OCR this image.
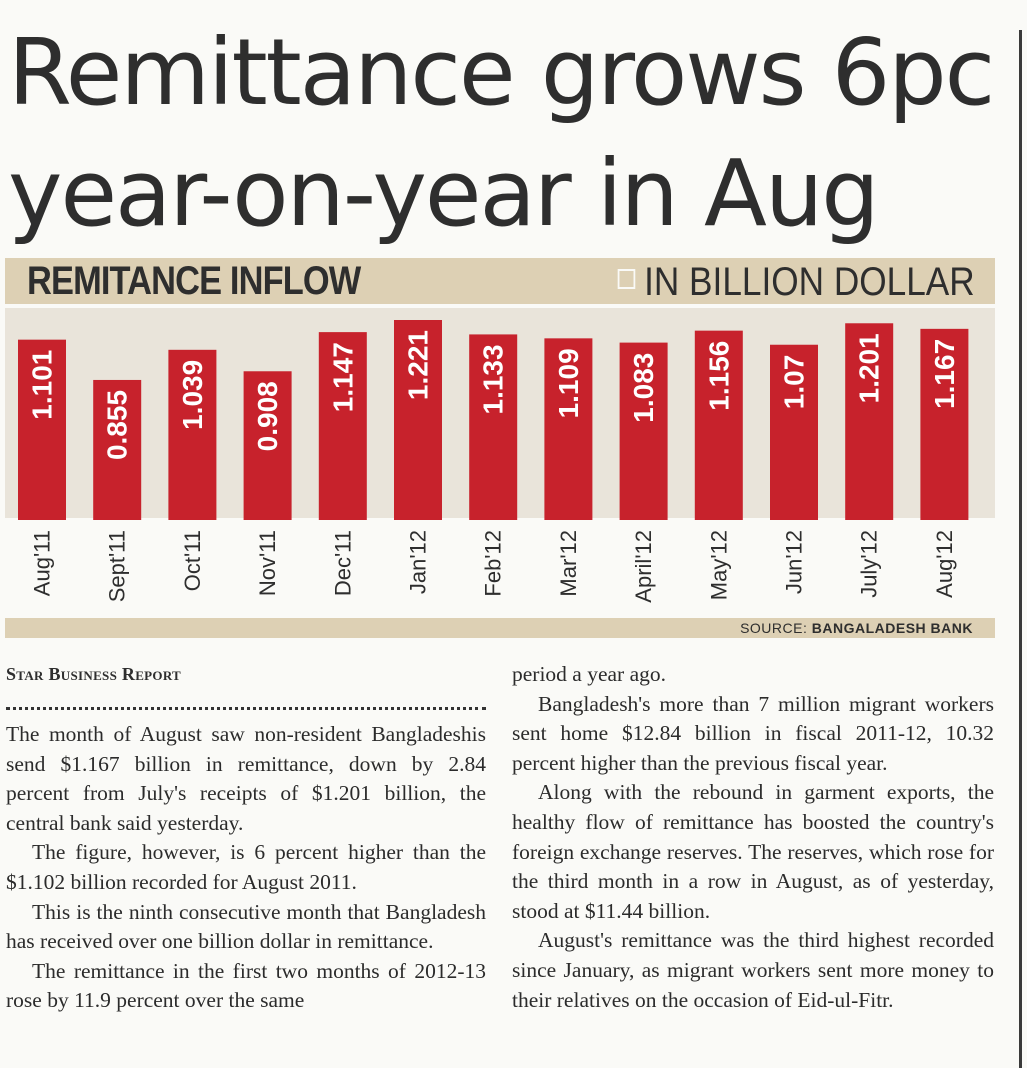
Remittance grows 6pc
year-on-year in Aug
REMITANCE INFLOW	IN BILLION DOLLAR
1.101
Aug'11
0.855
Sept'11
1.039
Oct'11
0.908
Nov'11
1.147
Dec'11
1.221
Jan'12
1.133
Feb'12
1.109
Mar'12
1.083
April'12
1.156
May'12
1.07
Jun'12
1.201
July'12
1.167
Aug'12
SOURCE: BANGALADESH BANK
Star Business Report

The month of August saw non-resident Bangladeshis send $1.167 billion in remittance, down by 2.84 percent from July's receipts of $1.201 billion, the central bank said yesterday.

The figure, however, is 6 percent higher than the $1.102 billion recorded for August 2011.

This is the ninth consecutive month that Bangladesh has received over one billion dollar in remittance.

The remittance in the first two months of 2012-13 rose by 11.9 percent over the same

period a year ago.

Bangladesh's more than 7 million migrant workers sent home $12.84 billion in fiscal 2011-12, 10.32 percent higher than the previous fiscal year.

Along with the rebound in garment exports, the healthy flow of remittance has boosted the country's foreign exchange reserves. The reserves, which rose for the third month in a row in August, as of yesterday, stood at $11.44 billion.

August's remittance was the third highest recorded since January, as migrant workers sent more money to their relatives on the occasion of Eid-ul-Fitr.
